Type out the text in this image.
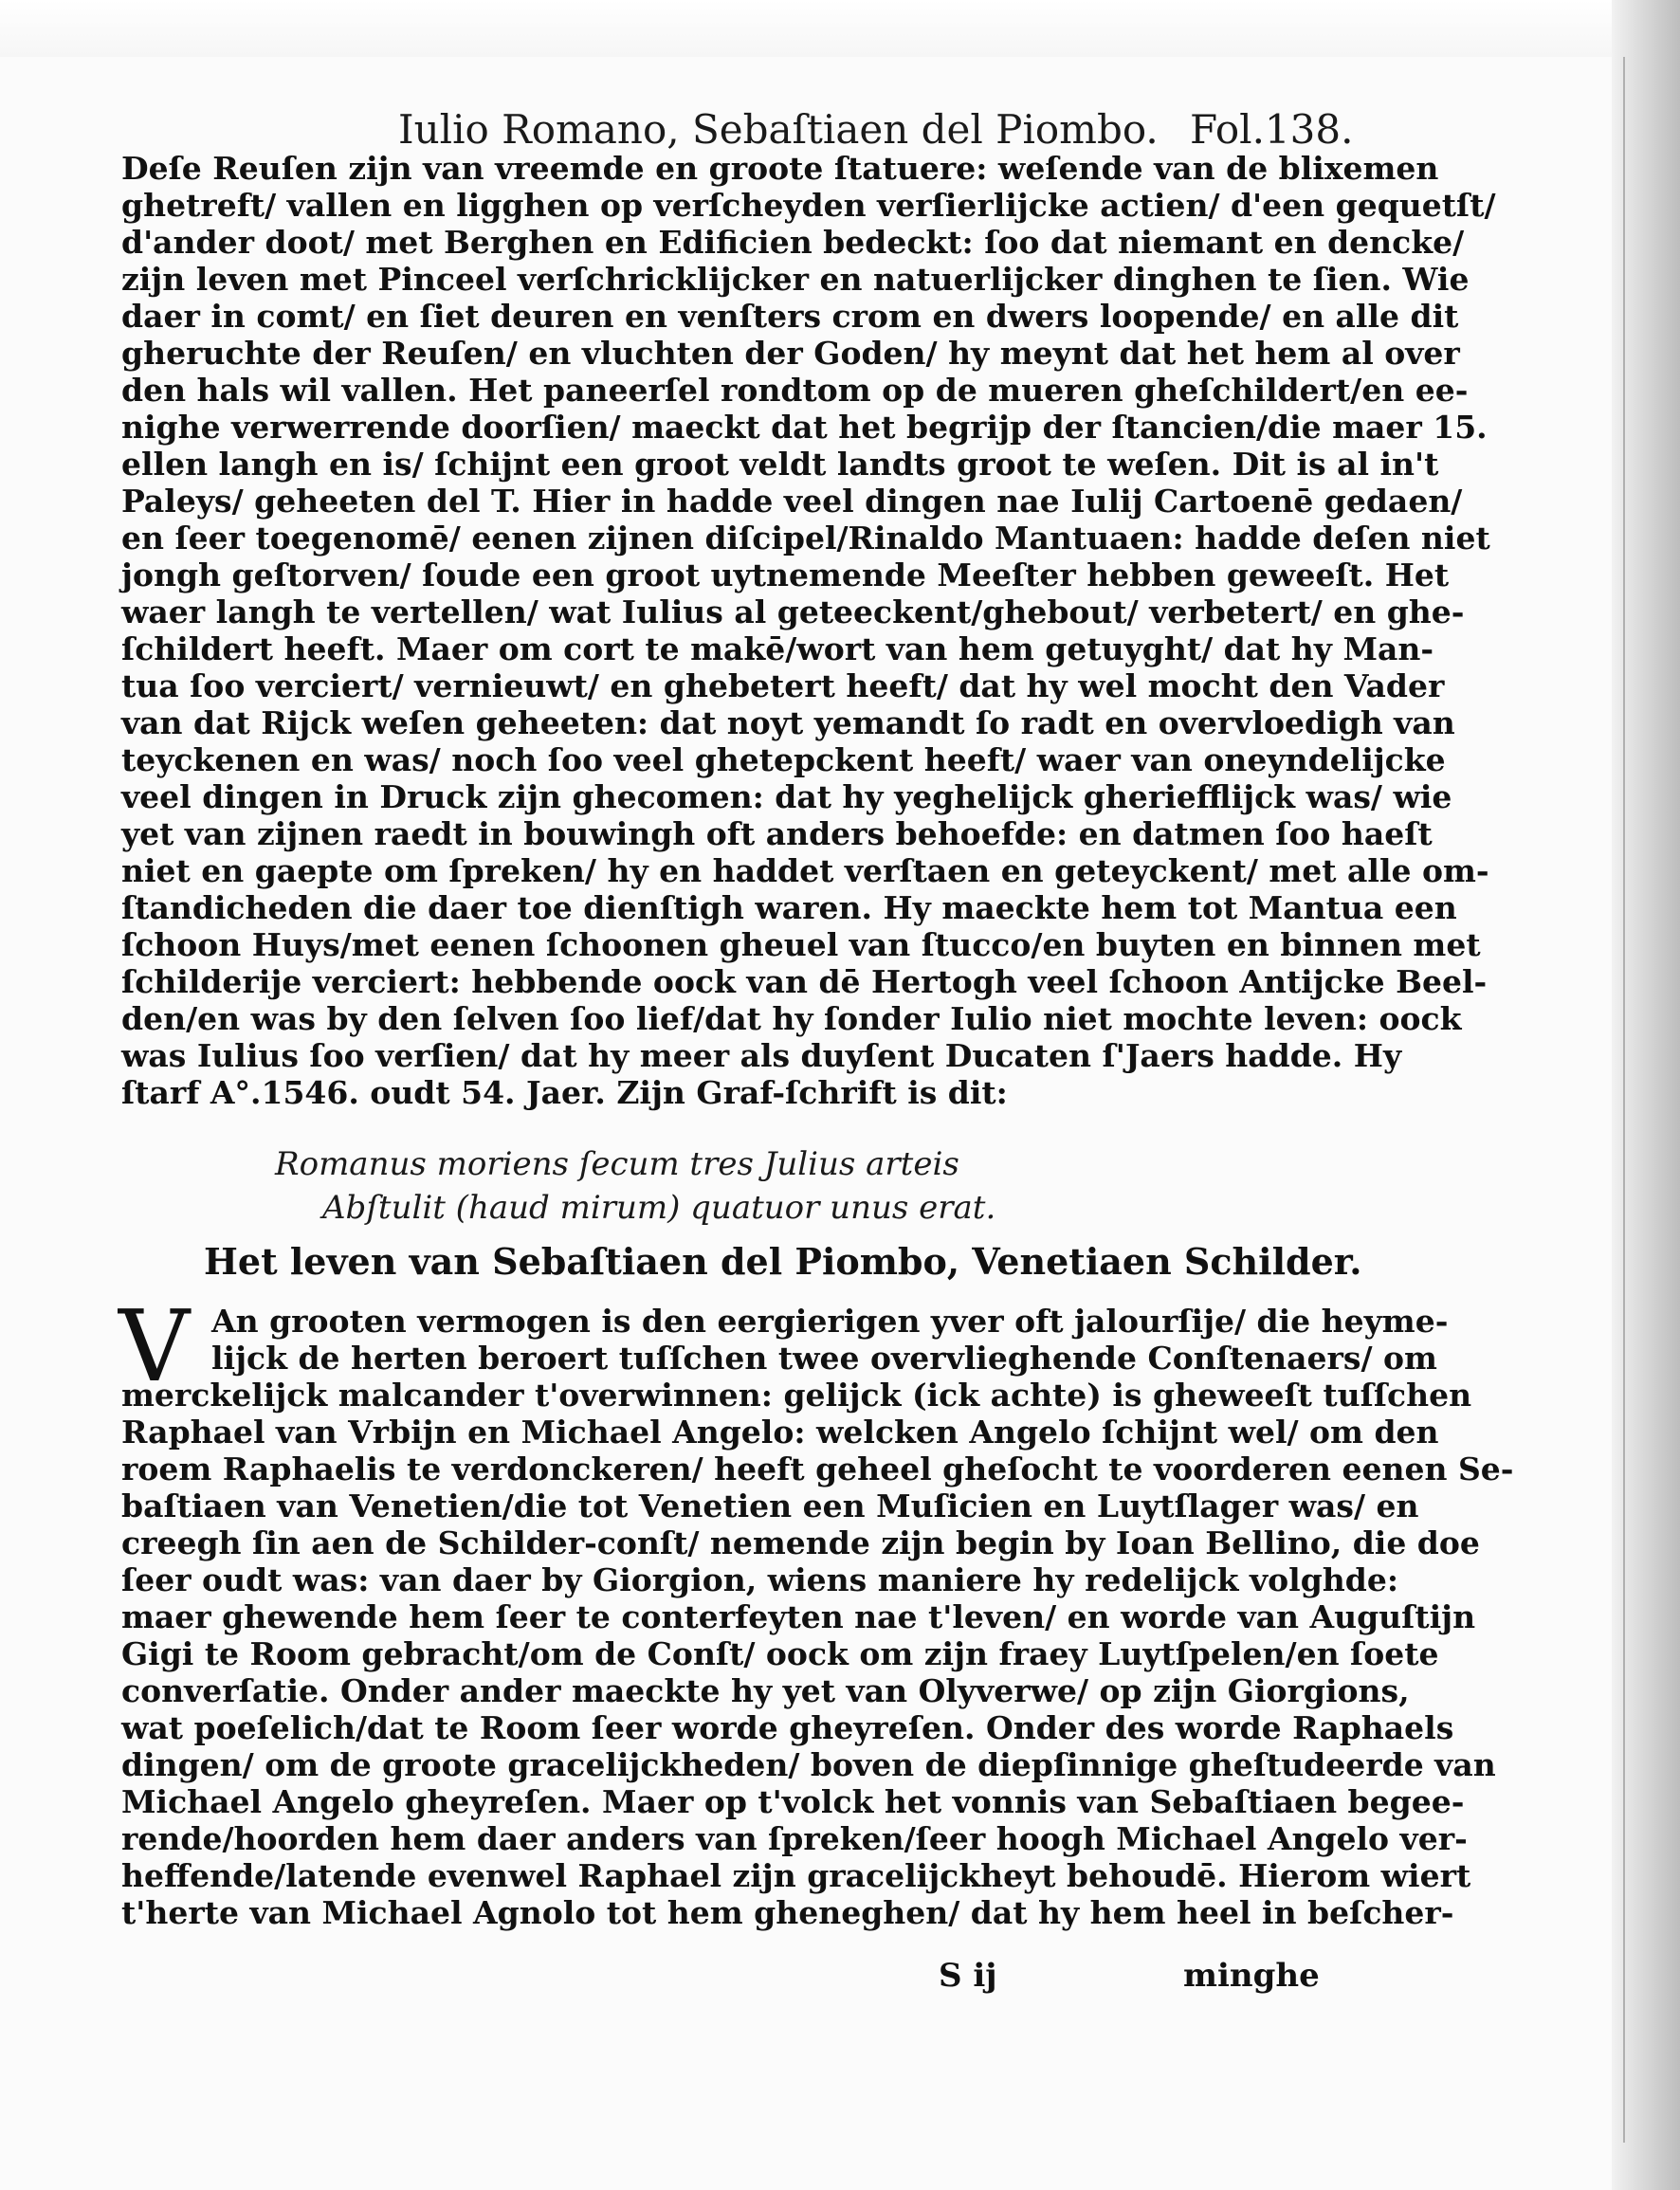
Iulio Romano, Sebaſtiaen del Piombo. Fol.138.
Deſe Reuſen zijn van vreemde en groote ſtatuere: weſende van de blixemen
ghetreft/ vallen en ligghen op verſcheyden verſierlijcke actien/ d'een gequetſt/
d'ander doot/ met Berghen en Edificien bedeckt: ſoo dat niemant en dencke/
zijn leven met Pinceel verſchricklijcker en natuerlijcker dinghen te ſien. Wie
daer in comt/ en ſiet deuren en venſters crom en dwers loopende/ en alle dit
gheruchte der Reuſen/ en vluchten der Goden/ hy meynt dat het hem al over
den hals wil vallen. Het paneerſel rondtom op de mueren gheſchildert/en ee-
nighe verwerrende doorſien/ maeckt dat het begrijp der ſtancien/die maer 15.
ellen langh en is/ ſchijnt een groot veldt landts groot te weſen. Dit is al in't
Paleys/ geheeten del T. Hier in hadde veel dingen nae Iulij Cartoenē gedaen/
en ſeer toegenomē/ eenen zijnen diſcipel/Rinaldo Mantuaen: hadde deſen niet
jongh geſtorven/ ſoude een groot uytnemende Meeſter hebben geweeſt. Het
waer langh te vertellen/ wat Iulius al geteeckent/ghebout/ verbetert/ en ghe-
ſchildert heeft. Maer om cort te makē/wort van hem getuyght/ dat hy Man-
tua ſoo verciert/ vernieuwt/ en ghebetert heeft/ dat hy wel mocht den Vader
van dat Rijck weſen geheeten: dat noyt yemandt ſo radt en overvloedigh van
teyckenen en was/ noch ſoo veel ghetepckent heeft/ waer van oneyndelijcke
veel dingen in Druck zijn ghecomen: dat hy yeghelijck gheriefflijck was/ wie
yet van zijnen raedt in bouwingh oft anders behoefde: en datmen ſoo haeſt
niet en gaepte om ſpreken/ hy en haddet verſtaen en geteyckent/ met alle om-
ſtandicheden die daer toe dienſtigh waren. Hy maeckte hem tot Mantua een
ſchoon Huys/met eenen ſchoonen gheuel van ſtucco/en buyten en binnen met
ſchilderije verciert: hebbende oock van dē Hertogh veel ſchoon Antijcke Beel-
den/en was by den ſelven ſoo lief/dat hy ſonder Iulio niet mochte leven: oock
was Iulius ſoo verſien/ dat hy meer als duyſent Ducaten ſ'Jaers hadde. Hy
ſtarf A°.1546. oudt 54. Jaer. Zijn Graf-ſchrift is dit:
Romanus moriens ſecum tres Julius arteis
Abſtulit (haud mirum) quatuor unus erat.
Het leven van Sebaſtiaen del Piombo, Venetiaen Schilder.
V An grooten vermogen is den eergierigen yver oft jalourſije/ die heyme-
lijck de herten beroert tuſſchen twee overvlieghende Conſtenaers/ om
merckelijck malcander t'overwinnen: gelijck (ick achte) is gheweeſt tuſſchen
Raphael van Vrbijn en Michael Angelo: welcken Angelo ſchijnt wel/ om den
roem Raphaelis te verdonckeren/ heeft geheel gheſocht te voorderen eenen Se-
baſtiaen van Venetien/die tot Venetien een Muſicien en Luytſlager was/ en
creegh ſin aen de Schilder-conſt/ nemende zijn begin by Ioan Bellino, die doe
ſeer oudt was: van daer by Giorgion, wiens maniere hy redelijck volghde:
maer ghewende hem ſeer te conterfeyten nae t'leven/ en worde van Auguſtijn
Gigi te Room gebracht/om de Conſt/ oock om zijn fraey Luytſpelen/en ſoete
converſatie. Onder ander maeckte hy yet van Olyverwe/ op zijn Giorgions,
wat poeſelich/dat te Room ſeer worde gheyreſen. Onder des worde Raphaels
dingen/ om de groote gracelijckheden/ boven de diepſinnige gheſtudeerde van
Michael Angelo gheyreſen. Maer op t'volck het vonnis van Sebaſtiaen begee-
rende/hoorden hem daer anders van ſpreken/ſeer hoogh Michael Angelo ver-
heffende/latende evenwel Raphael zijn gracelijckheyt behoudē. Hierom wiert
t'herte van Michael Agnolo tot hem gheneghen/ dat hy hem heel in beſcher-
S ij	minghe
